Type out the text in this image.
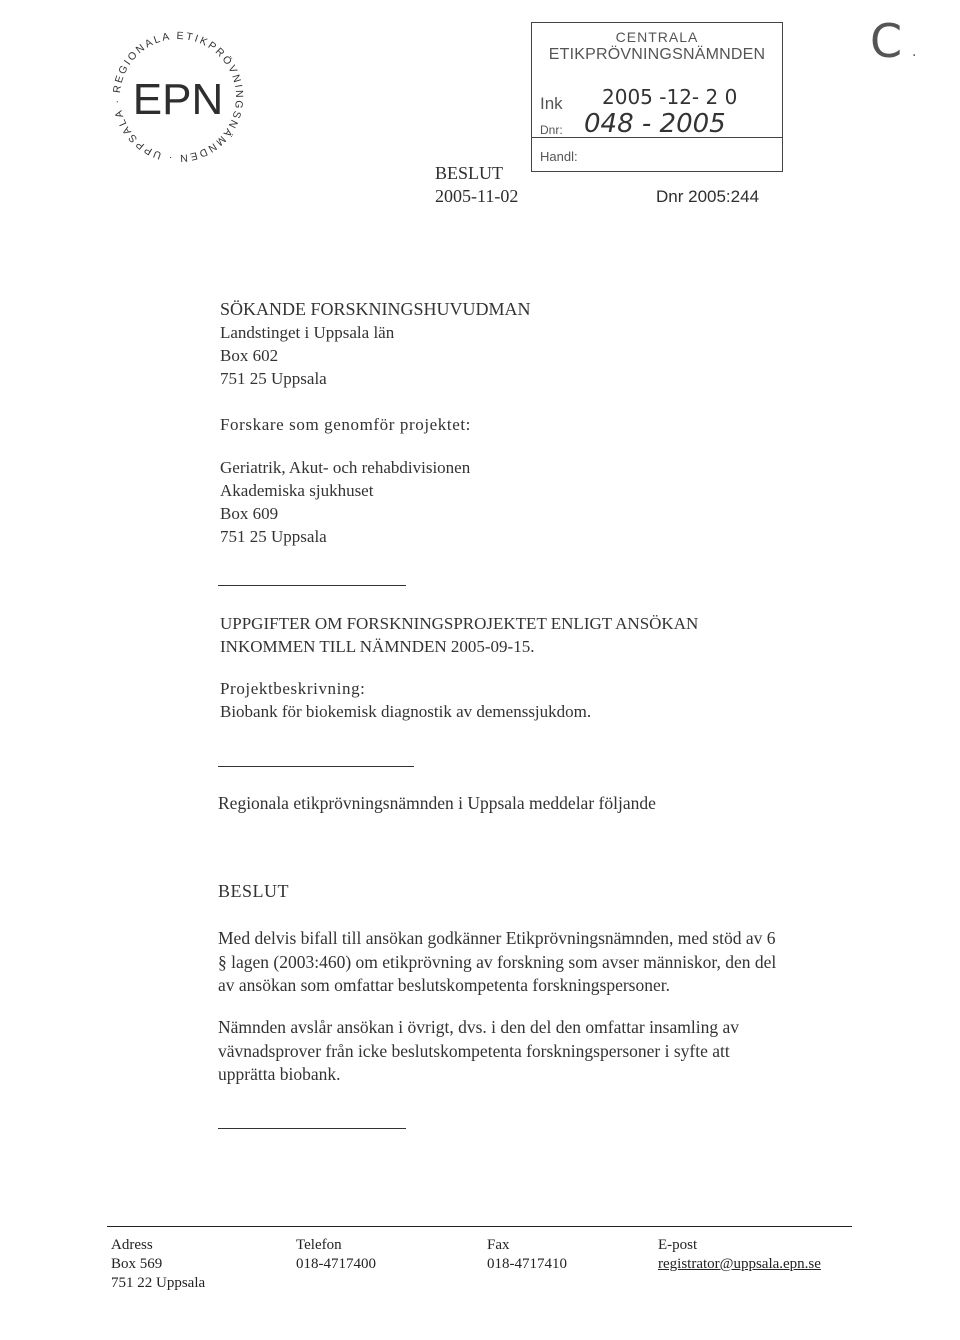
REGIONALA ETIKPRÖVNINGSNÄMNDEN · UPPSALA · EPN
CENTRALA
ETIKPRÖVNINGSNÄMNDEN
Ink 2005 -12- 2 0
Dnr: 048 - 2005
Handl:
C ·
BESLUT
2005-11-02	Dnr 2005:244
SÖKANDE FORSKNINGSHUVUDMAN
Landstinget i Uppsala län
Box 602
751 25 Uppsala
Forskare som genomför projektet:
Geriatrik, Akut- och rehabdivisionen
Akademiska sjukhuset
Box 609
751 25 Uppsala
UPPGIFTER OM FORSKNINGSPROJEKTET ENLIGT ANSÖKAN
INKOMMEN TILL NÄMNDEN 2005-09-15.
Projektbeskrivning:
Biobank för biokemisk diagnostik av demenssjukdom.
Regionala etikprövningsnämnden i Uppsala meddelar följande
BESLUT
Med delvis bifall till ansökan godkänner Etikprövningsnämnden, med stöd av 6
§ lagen (2003:460) om etikprövning av forskning som avser människor, den del
av ansökan som omfattar beslutskompetenta forskningspersoner.
Nämnden avslår ansökan i övrigt, dvs. i den del den omfattar insamling av
vävnadsprover från icke beslutskompetenta forskningspersoner i syfte att
upprätta biobank.
Adress
Box 569
751 22 Uppsala
Telefon
018-4717400
Fax
018-4717410
E-post
registrator@uppsala.epn.se
